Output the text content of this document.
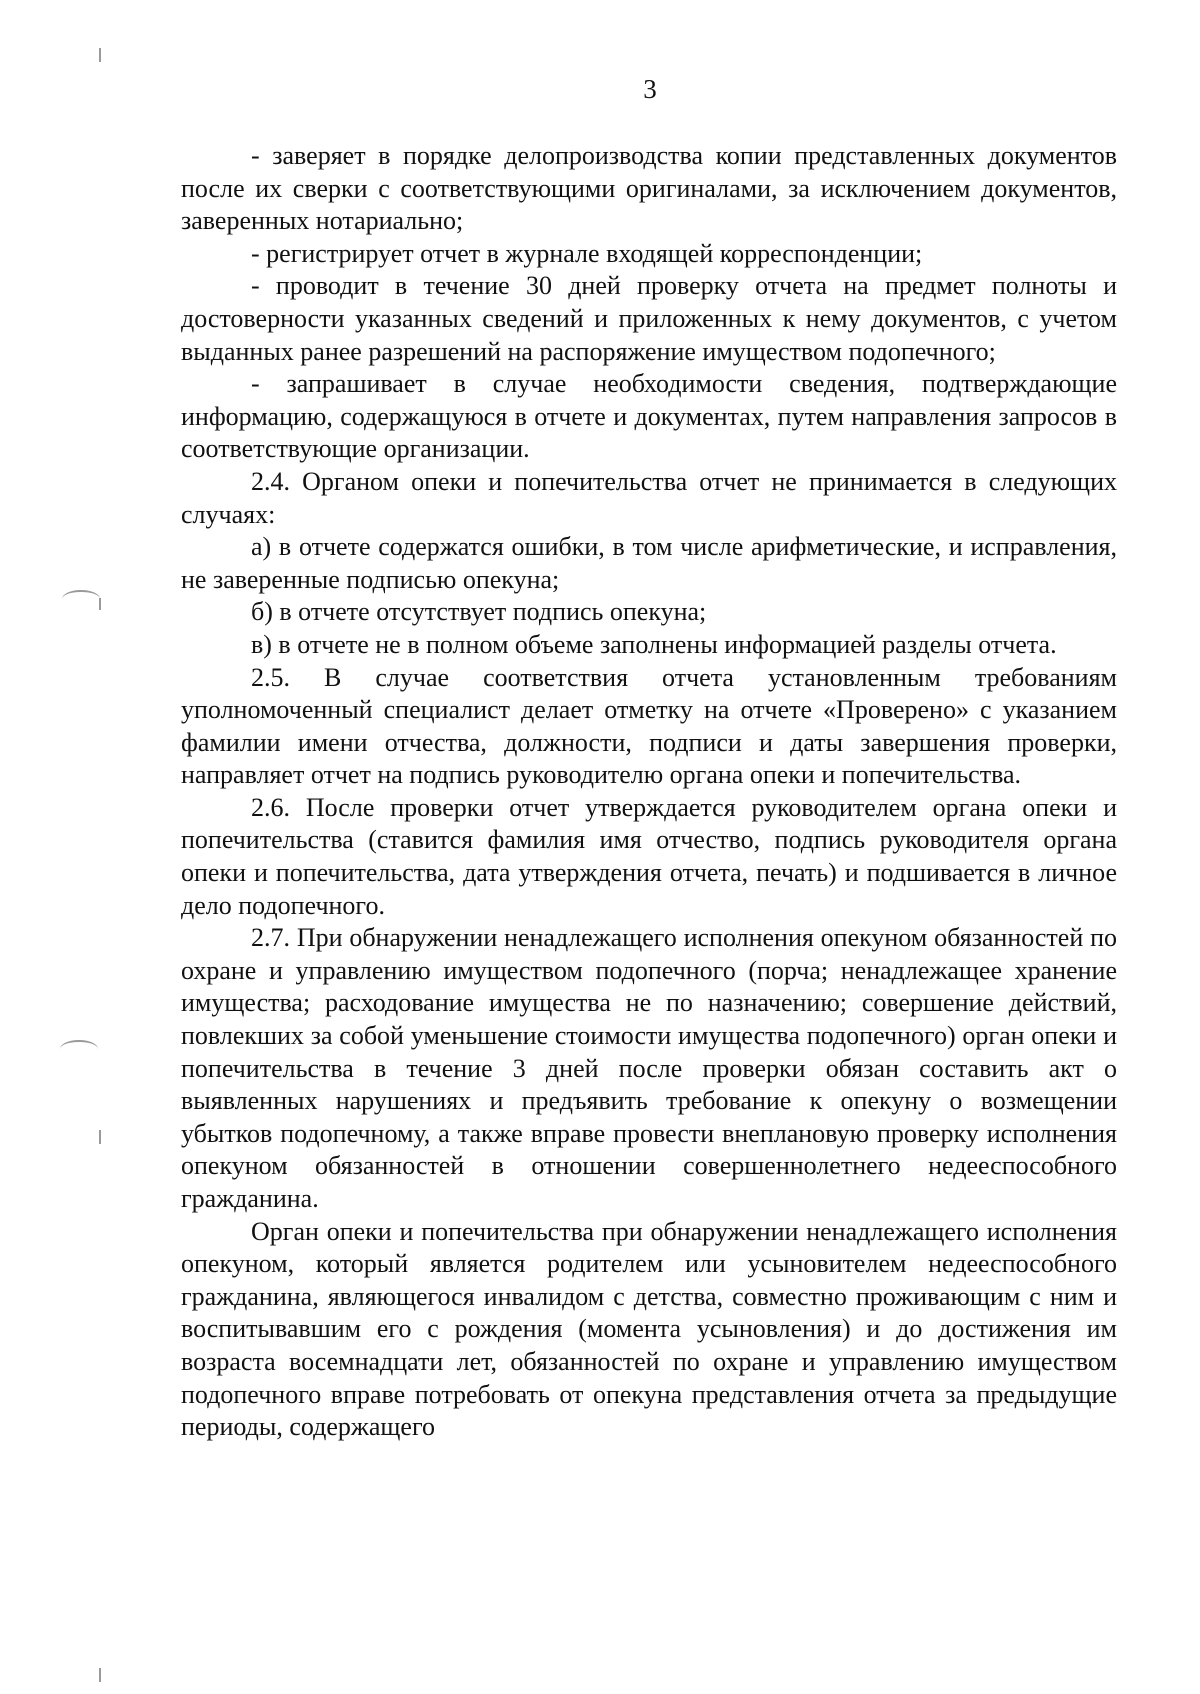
3

- заверяет в порядке делопроизводства копии представленных документов после их сверки с соответствующими оригиналами, за исключением документов, заверенных нотариально;

- регистрирует отчет в журнале входящей корреспонденции;

- проводит в течение 30 дней проверку отчета на предмет полноты и достоверности указанных сведений и приложенных к нему документов, с учетом выданных ранее разрешений на распоряжение имуществом подопечного;

- запрашивает в случае необходимости сведения, подтверждающие информацию, содержащуюся в отчете и документах, путем направления запросов в соответствующие организации.

2.4. Органом опеки и попечительства отчет не принимается в следующих случаях:

а) в отчете содержатся ошибки, в том числе арифметические, и исправления, не заверенные подписью опекуна;

б) в отчете отсутствует подпись опекуна;

в) в отчете не в полном объеме заполнены информацией разделы отчета.

2.5. В случае соответствия отчета установленным требованиям уполномоченный специалист делает отметку на отчете «Проверено» с указанием фамилии имени отчества, должности, подписи и даты завершения проверки, направляет отчет на подпись руководителю органа опеки и попечительства.

2.6. После проверки отчет утверждается руководителем органа опеки и попечительства (ставится фамилия имя отчество, подпись руководителя органа опеки и попечительства, дата утверждения отчета, печать) и подшивается в личное дело подопечного.

2.7. При обнаружении ненадлежащего исполнения опекуном обязанностей по охране и управлению имуществом подопечного (порча; ненадлежащее хранение имущества; расходование имущества не по назначению; совершение действий, повлекших за собой уменьшение стоимости имущества подопечного) орган опеки и попечительства в течение 3 дней после проверки обязан составить акт о выявленных нарушениях и предъявить требование к опекуну о возмещении убытков подопечному, а также вправе провести внеплановую проверку исполнения опекуном обязанностей в отношении совершеннолетнего недееспособного гражданина.

Орган опеки и попечительства при обнаружении ненадлежащего исполнения опекуном, который является родителем или усыновителем недееспособного гражданина, являющегося инвалидом с детства, совместно проживающим с ним и воспитывавшим его с рождения (момента усыновления) и до достижения им возраста восемнадцати лет, обязанностей по охране и управлению имуществом подопечного вправе потребовать от опекуна представления отчета за предыдущие периоды, содержащего
